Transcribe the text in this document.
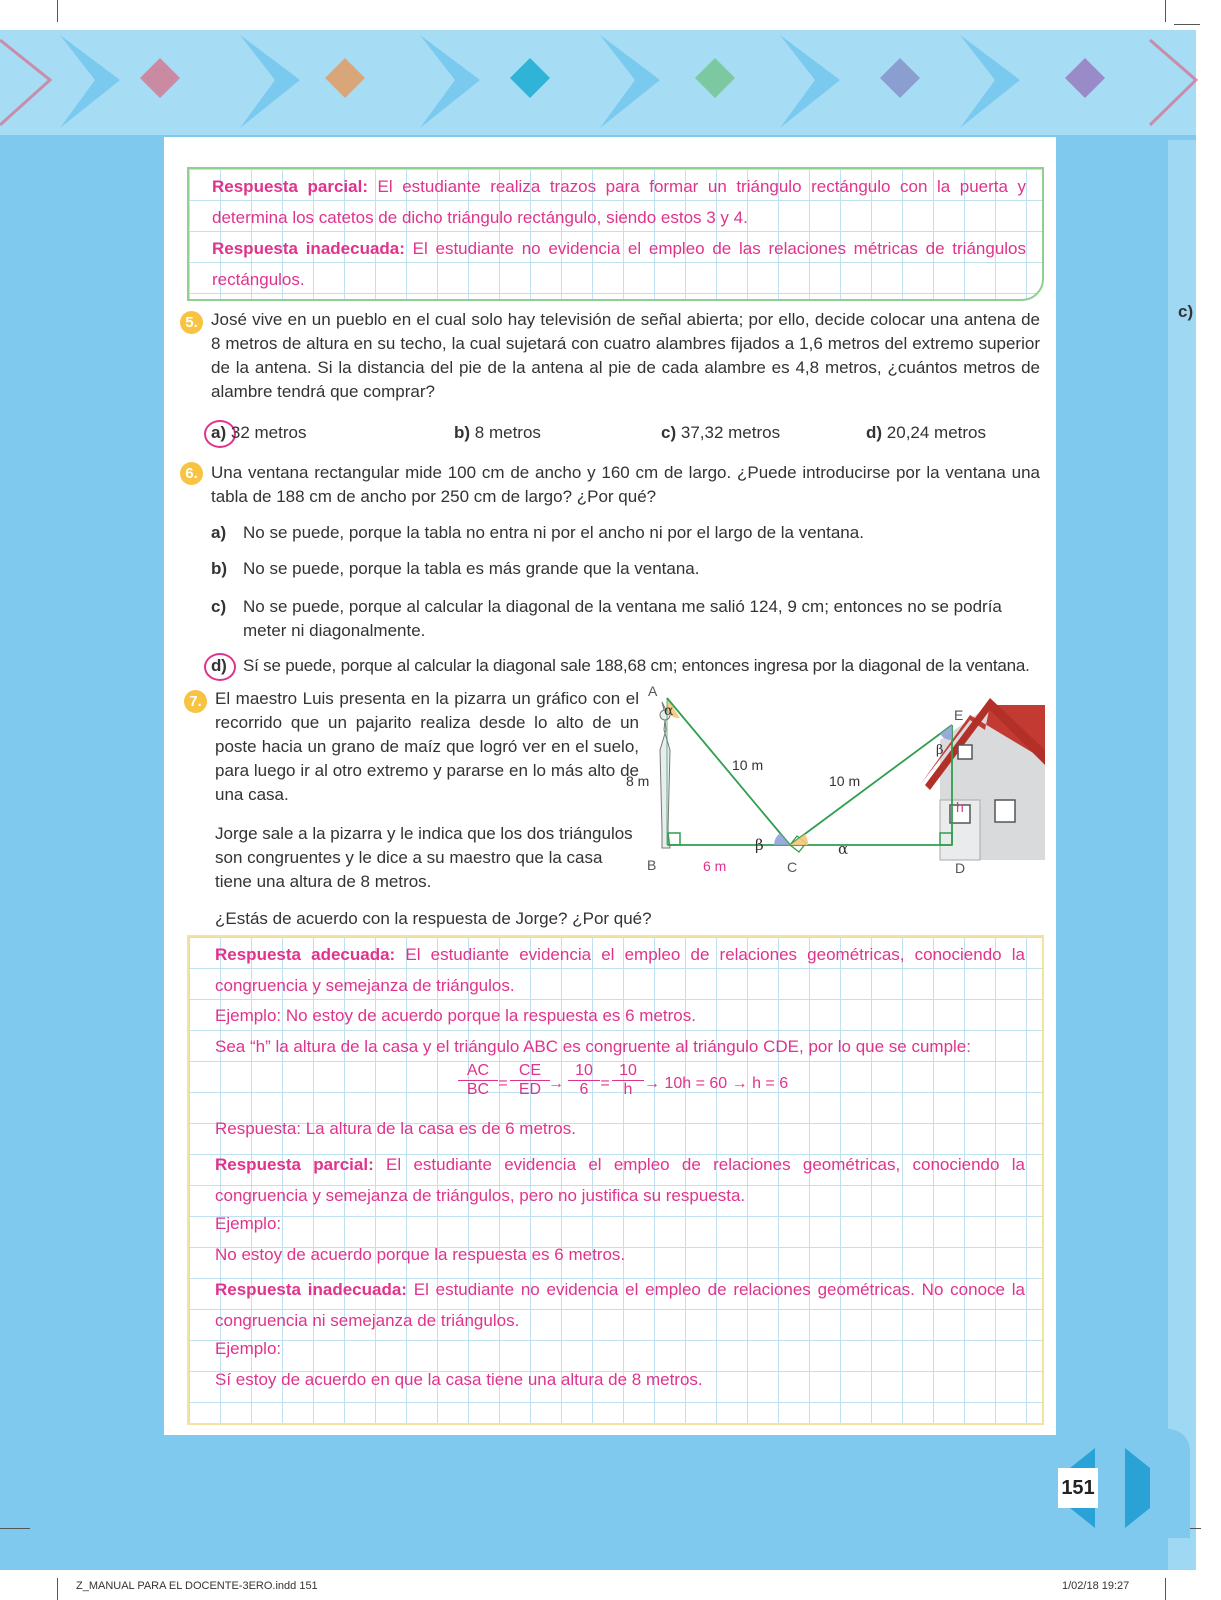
Respuesta parcial: El estudiante realiza trazos para formar un triángulo rectángulo con la puerta y determina los catetos de dicho triángulo rectángulo, siendo estos 3 y 4.
Respuesta inadecuada: El estudiante no evidencia el empleo de las relaciones métricas de triángulos rectángulos.
c)
5. José vive en un pueblo en el cual solo hay televisión de señal abierta; por ello, decide colocar una antena de 8 metros de altura en su techo, la cual sujetará con cuatro alambres fijados a 1,6 metros del extremo superior de la antena. Si la distancia del pie de la antena al pie de cada alambre es 4,8 metros, ¿cuántos metros de alambre tendrá que comprar?
a) 32 metros	b) 8 metros	c) 37,32 metros	d) 20,24 metros
6. Una ventana rectangular mide 100 cm de ancho y 160 cm de largo. ¿Puede introducirse por la ventana una tabla de 188 cm de ancho por 250 cm de largo? ¿Por qué?
a) No se puede, porque la tabla no entra ni por el ancho ni por el largo de la ventana.
b) No se puede, porque la tabla es más grande que la ventana.
c) No se puede, porque al calcular la diagonal de la ventana me salió 124, 9 cm; entonces no se podría meter ni diagonalmente.
d) Sí se puede, porque al calcular la diagonal sale 188,68 cm; entonces ingresa por la diagonal de la ventana.
7. El maestro Luis presenta en la pizarra un gráfico con el recorrido que un pajarito realiza desde lo alto de un poste hacia un grano de maíz que logró ver en el suelo, para luego ir al otro extremo y pararse en lo más alto de una casa.
Jorge sale a la pizarra y le indica que los dos triángulos son congruentes y le dice a su maestro que la casa tiene una altura de 8 metros.
¿Estás de acuerdo con la respuesta de Jorge? ¿Por qué?
A
α
8 m
10 m
10 m
B	6 m
β
C
α
D
E
β
h
Respuesta adecuada: El estudiante evidencia el empleo de relaciones geométricas, conociendo la congruencia y semejanza de triángulos.
Ejemplo: No estoy de acuerdo porque la respuesta es 6 metros.
Sea “h” la altura de la casa y el triángulo ABC es congruente al triángulo CDE, por lo que se cumple:
$\frac{AC}{BC} = \frac{CE}{ED}$
→ $\frac{10}{6} = \frac{10}{h} \to 10h = 60 \to h = 6$
Respuesta: La altura de la casa es de 6 metros.
Respuesta parcial: El estudiante evidencia el empleo de relaciones geométricas, conociendo la congruencia y semejanza de triángulos, pero no justifica su respuesta.
Ejemplo:
No estoy de acuerdo porque la respuesta es 6 metros.
Respuesta inadecuada: El estudiante no evidencia el empleo de relaciones geométricas. No conoce la congruencia ni semejanza de triángulos.
Ejemplo:
Sí estoy de acuerdo en que la casa tiene una altura de 8 metros.
151
Z_MANUAL PARA EL DOCENTE-3ERO.indd 151	1/02/18 19:27
